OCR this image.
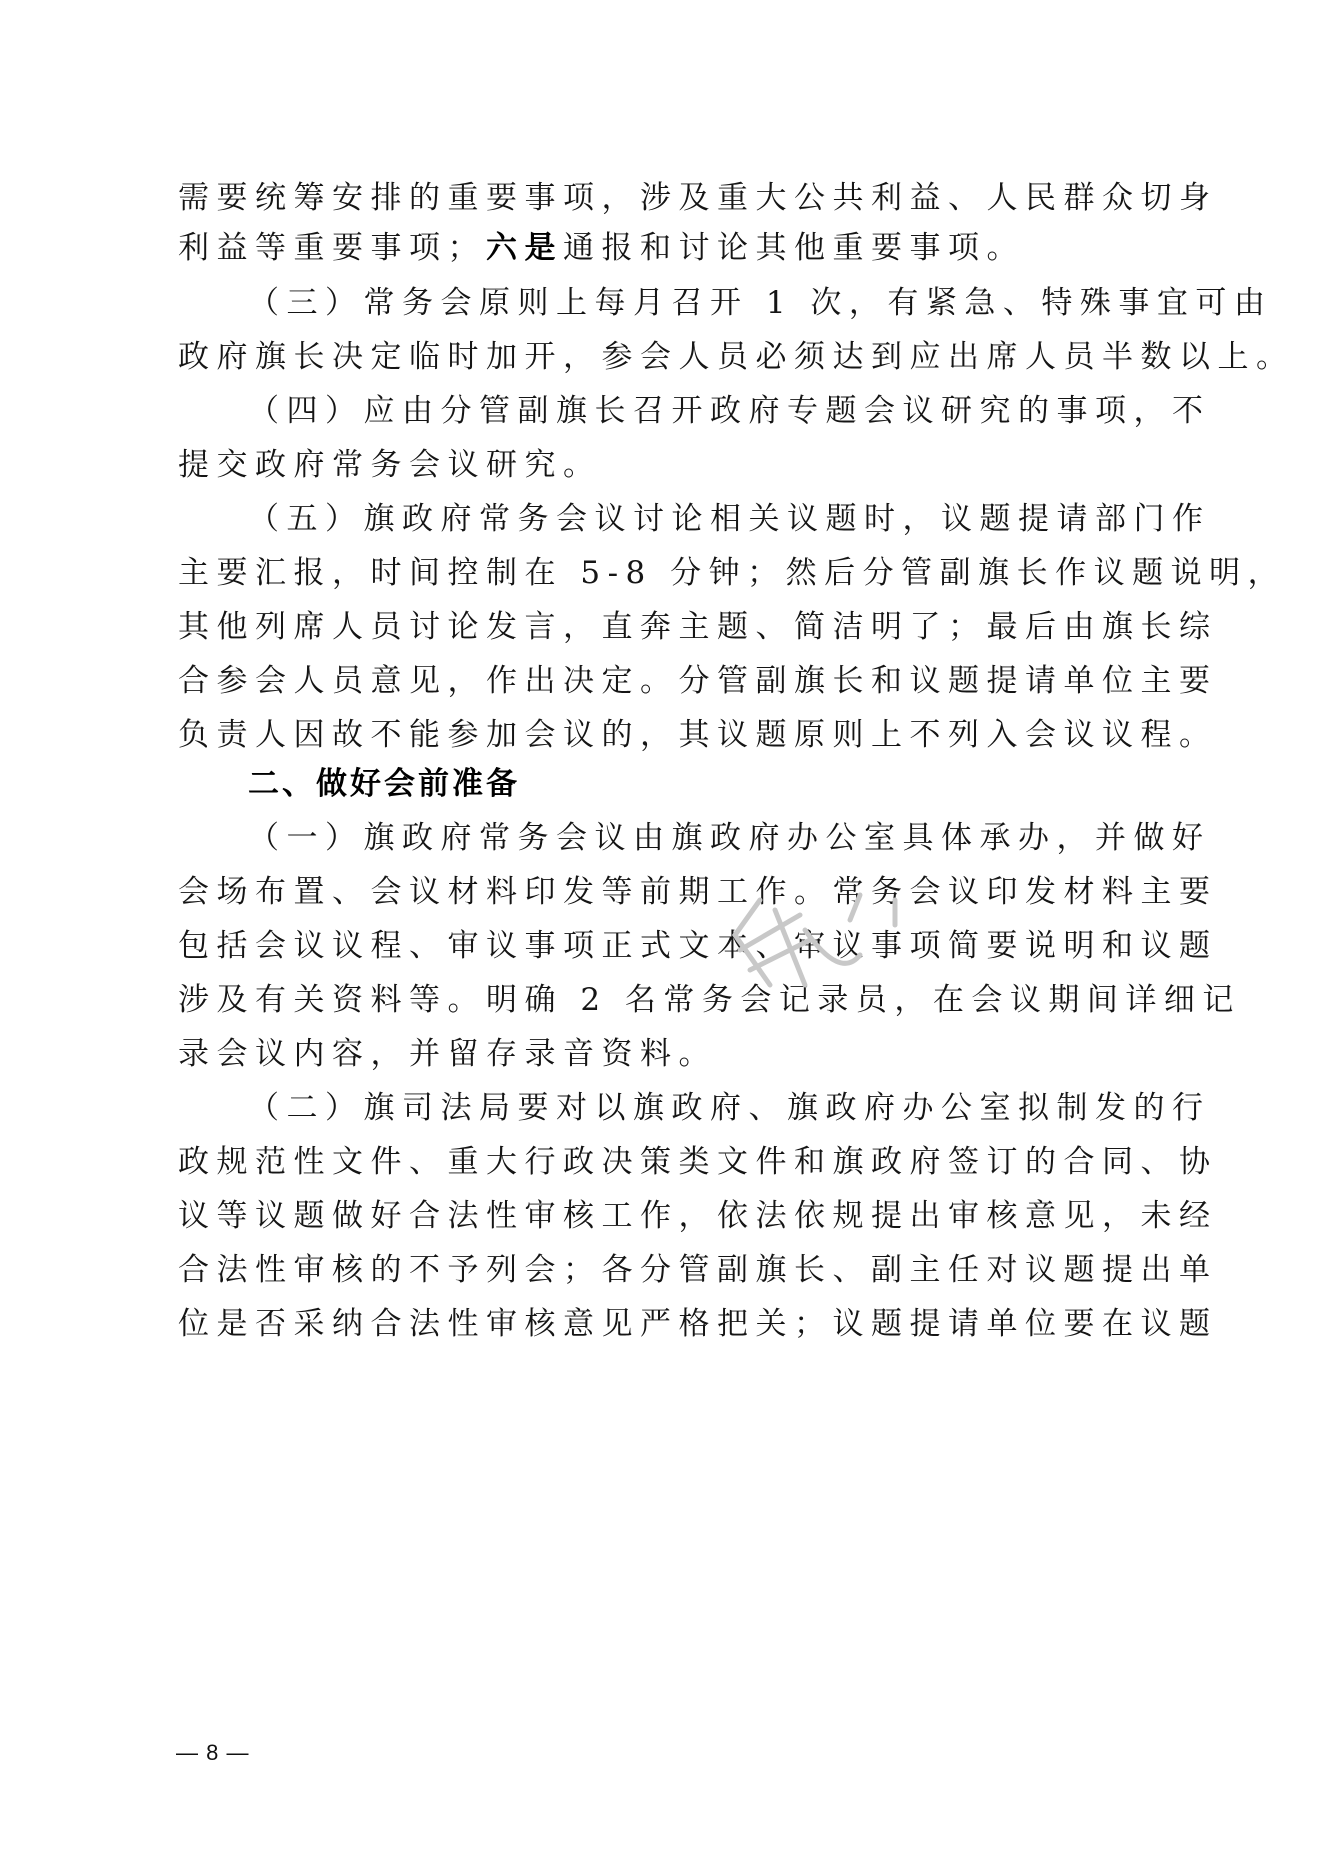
需要统筹安排的重要事项，涉及重大公共利益、人民群众切身
利益等重要事项；六是通报和讨论其他重要事项。
（三）常务会原则上每月召开 1 次，有紧急、特殊事宜可由
政府旗长决定临时加开，参会人员必须达到应出席人员半数以上。
（四）应由分管副旗长召开政府专题会议研究的事项，不
提交政府常务会议研究。
（五）旗政府常务会议讨论相关议题时，议题提请部门作
主要汇报，时间控制在 5-8 分钟；然后分管副旗长作议题说明，
其他列席人员讨论发言，直奔主题、简洁明了；最后由旗长综
合参会人员意见，作出决定。分管副旗长和议题提请单位主要
负责人因故不能参加会议的，其议题原则上不列入会议议程。
二、做好会前准备
（一）旗政府常务会议由旗政府办公室具体承办，并做好
会场布置、会议材料印发等前期工作。常务会议印发材料主要
包括会议议程、审议事项正式文本、审议事项简要说明和议题
涉及有关资料等。明确 2 名常务会记录员，在会议期间详细记
录会议内容，并留存录音资料。
（二）旗司法局要对以旗政府、旗政府办公室拟制发的行
政规范性文件、重大行政决策类文件和旗政府签订的合同、协
议等议题做好合法性审核工作，依法依规提出审核意见，未经
合法性审核的不予列会；各分管副旗长、副主任对议题提出单
位是否采纳合法性审核意见严格把关；议题提请单位要在议题
— 8 —
